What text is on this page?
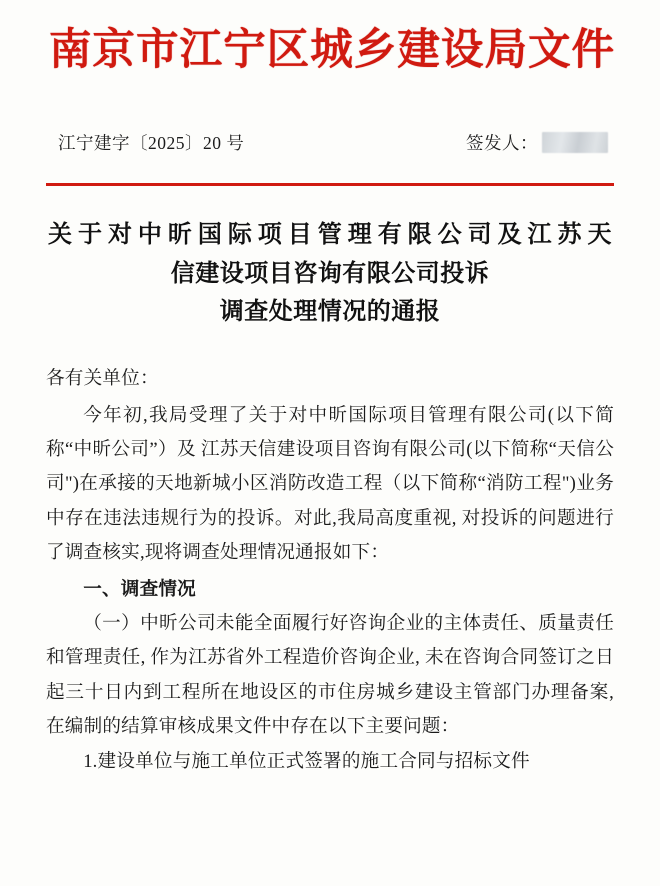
南京市江宁区城乡建设局文件
江宁建字〔2025〕20 号	签发人：
关于对中昕国际项目管理有限公司及江苏天
信建设项目咨询有限公司投诉
调查处理情况的通报
各有关单位：
今年初,我局受理了关于对中昕国际项目管理有限公司(以下简称“中昕公司”）及 江苏天信建设项目咨询有限公司(以下简称“天信公司")在承接的天地新城小区消防改造工程（以下简称“消防工程")业务中存在违法违规行为的投诉。对此,我局高度重视, 对投诉的问题进行了调查核实,现将调查处理情况通报如下：
一、调查情况
（一）中昕公司未能全面履行好咨询企业的主体责任、质量责任和管理责任, 作为江苏省外工程造价咨询企业, 未在咨询合同签订之日起三十日内到工程所在地设区的市住房城乡建设主管部门办理备案,在编制的结算审核成果文件中存在以下主要问题：
1.建设单位与施工单位正式签署的施工合同与招标文件
